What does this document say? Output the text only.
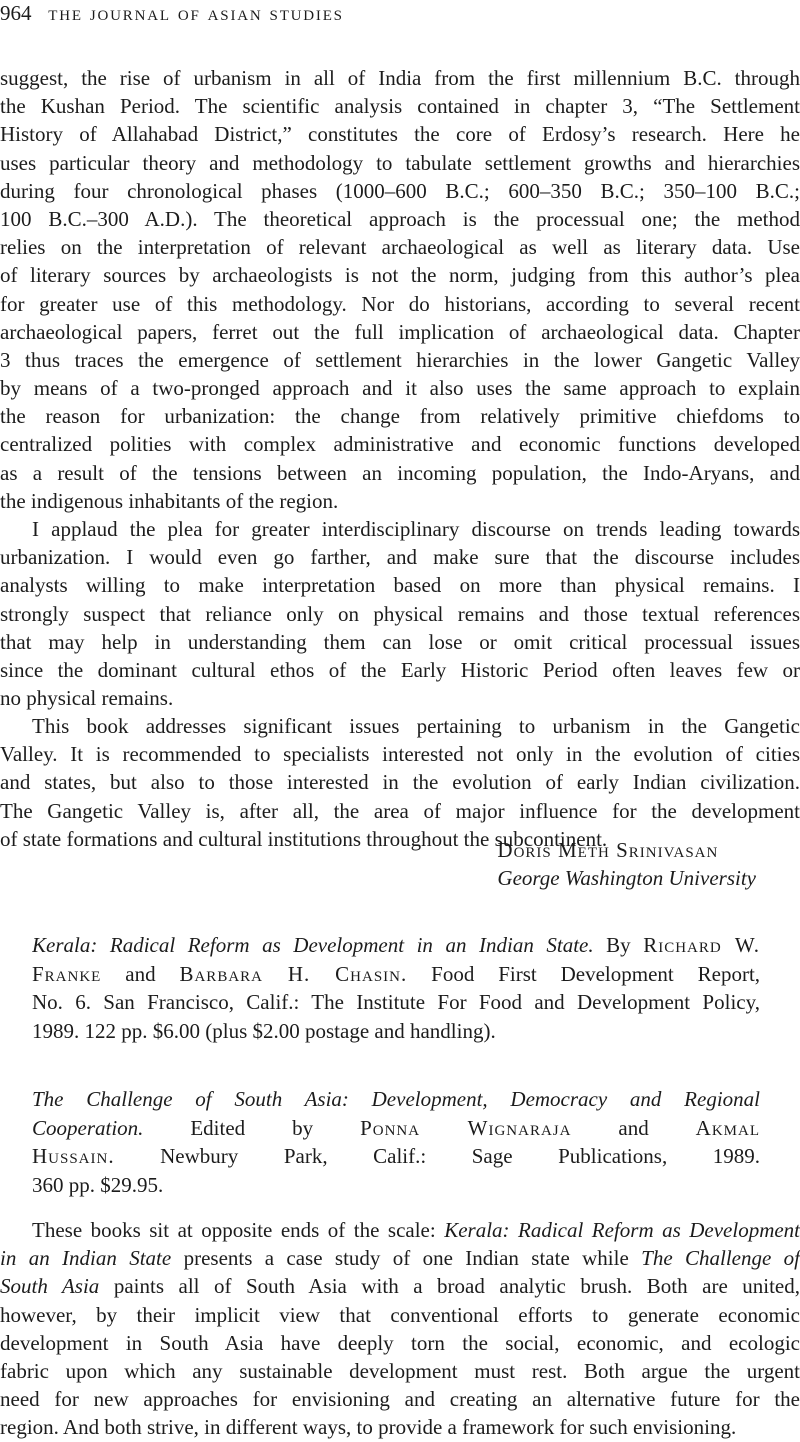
964 the journal of asian studies
suggest, the rise of urbanism in all of India from the first millennium B.C. through
the Kushan Period. The scientific analysis contained in chapter 3, “The Settlement
History of Allahabad District,” constitutes the core of Erdosy’s research. Here he
uses particular theory and methodology to tabulate settlement growths and hierarchies
during four chronological phases (1000–600 B.C.; 600–350 B.C.; 350–100 B.C.;
100 B.C.–300 A.D.). The theoretical approach is the processual one; the method
relies on the interpretation of relevant archaeological as well as literary data. Use
of literary sources by archaeologists is not the norm, judging from this author’s plea
for greater use of this methodology. Nor do historians, according to several recent
archaeological papers, ferret out the full implication of archaeological data. Chapter
3 thus traces the emergence of settlement hierarchies in the lower Gangetic Valley
by means of a two-pronged approach and it also uses the same approach to explain
the reason for urbanization: the change from relatively primitive chiefdoms to
centralized polities with complex administrative and economic functions developed
as a result of the tensions between an incoming population, the Indo-Aryans, and
the indigenous inhabitants of the region.
I applaud the plea for greater interdisciplinary discourse on trends leading towards
urbanization. I would even go farther, and make sure that the discourse includes
analysts willing to make interpretation based on more than physical remains. I
strongly suspect that reliance only on physical remains and those textual references
that may help in understanding them can lose or omit critical processual issues
since the dominant cultural ethos of the Early Historic Period often leaves few or
no physical remains.
This book addresses significant issues pertaining to urbanism in the Gangetic
Valley. It is recommended to specialists interested not only in the evolution of cities
and states, but also to those interested in the evolution of early Indian civilization.
The Gangetic Valley is, after all, the area of major influence for the development
of state formations and cultural institutions throughout the subcontinent.
Doris Meth Srinivasan
George Washington University
Kerala: Radical Reform as Development in an Indian State. By Richard W.
Franke and Barbara H. Chasin. Food First Development Report,
No. 6. San Francisco, Calif.: The Institute For Food and Development Policy,
1989. 122 pp. $6.00 (plus $2.00 postage and handling).
The Challenge of South Asia: Development, Democracy and Regional
Cooperation. Edited by Ponna Wignaraja and Akmal
Hussain. Newbury Park, Calif.: Sage Publications, 1989.
360 pp. $29.95.
These books sit at opposite ends of the scale: Kerala: Radical Reform as Development
in an Indian State presents a case study of one Indian state while The Challenge of
South Asia paints all of South Asia with a broad analytic brush. Both are united,
however, by their implicit view that conventional efforts to generate economic
development in South Asia have deeply torn the social, economic, and ecologic
fabric upon which any sustainable development must rest. Both argue the urgent
need for new approaches for envisioning and creating an alternative future for the
region. And both strive, in different ways, to provide a framework for such envisioning.
